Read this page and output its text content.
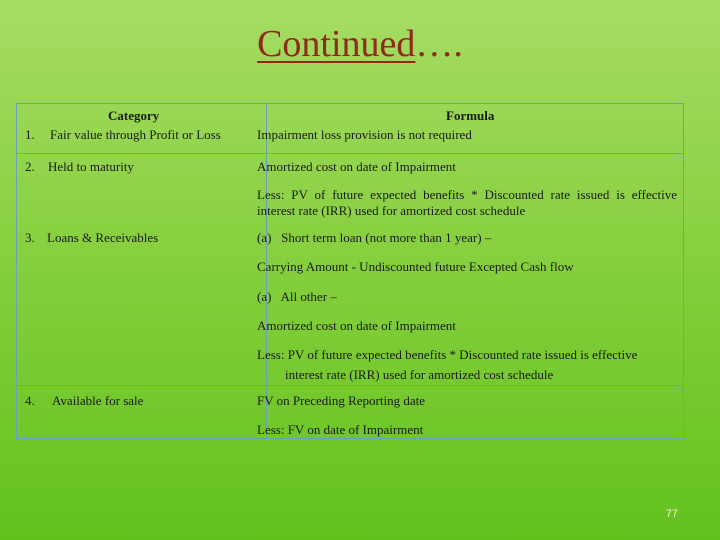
Continued….
Category	Formula
1. Fair value through Profit or Loss	Impairment loss provision is not required
2. Held to maturity	Amortized cost on date of Impairment
Less: PV of future expected benefits * Discounted rate issued is effective interest rate (IRR) used for amortized cost schedule
3. Loans & Receivables	(a)   Short term loan (not more than 1 year) –
Carrying Amount - Undiscounted future Excepted Cash flow
(a)   All other –
Amortized cost on date of Impairment
Less: PV of future expected benefits * Discounted rate issued is effective
interest rate (IRR) used for amortized cost schedule
4. Available for sale	FV on Preceding Reporting date
Less: FV on date of Impairment
77
